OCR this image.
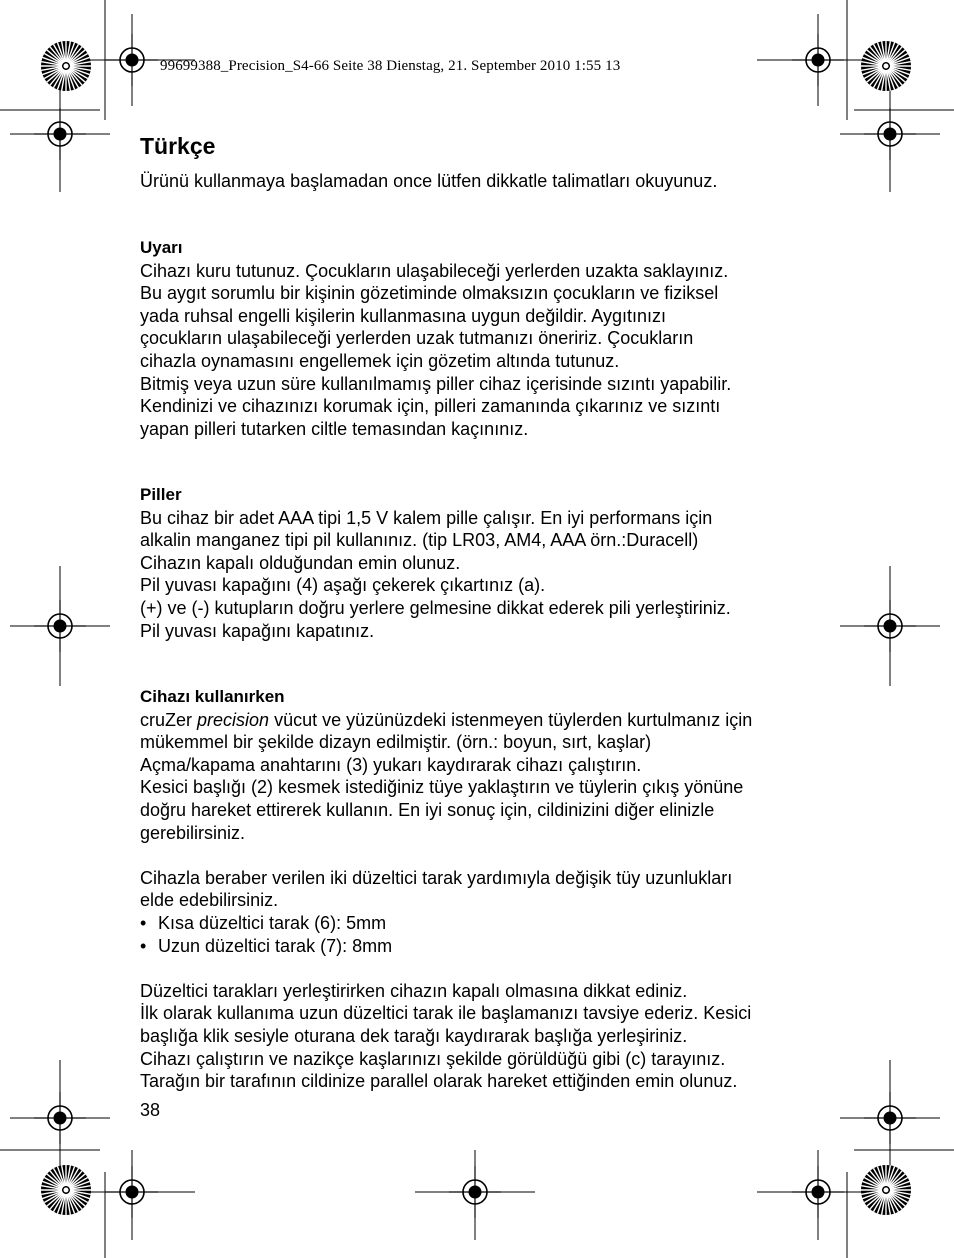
99699388_Precision_S4-66 Seite 38 Dienstag, 21. September 2010 1:55 13
Türkçe

Ürünü kullanmaya başlamadan once lütfen dikkatle talimatları okuyunuz.

Uyarı

Cihazı kuru tutunuz. Çocukların ulaşabileceği yerlerden uzakta saklayınız.

Bu aygıt sorumlu bir kişinin gözetiminde olmaksızın çocukların ve fiziksel

yada ruhsal engelli kişilerin kullanmasına uygun değildir. Aygıtınızı

çocukların ulaşabileceği yerlerden uzak tutmanızı öneririz. Çocukların

cihazla oynamasını engellemek için gözetim altında tutunuz.

Bitmiş veya uzun süre kullanılmamış piller cihaz içerisinde sızıntı yapabilir.

Kendinizi ve cihazınızı korumak için, pilleri zamanında çıkarınız ve sızıntı

yapan pilleri tutarken ciltle temasından kaçınınız.

Piller

Bu cihaz bir adet AAA tipi 1,5 V kalem pille çalışır. En iyi performans için

alkalin manganez tipi pil kullanınız. (tip LR03, AM4, AAA örn.:Duracell)

Cihazın kapalı olduğundan emin olunuz.

Pil yuvası kapağını (4) aşağı çekerek çıkartınız (a).

(+) ve (-) kutupların doğru yerlere gelmesine dikkat ederek pili yerleştiriniz.

Pil yuvası kapağını kapatınız.

Cihazı kullanırken

cruZer precision vücut ve yüzünüzdeki istenmeyen tüylerden kurtulmanız için

mükemmel bir şekilde dizayn edilmiştir. (örn.: boyun, sırt, kaşlar)

Açma/kapama anahtarını (3) yukarı kaydırarak cihazı çalıştırın.

Kesici başlığı (2) kesmek istediğiniz tüye yaklaştırın ve tüylerin çıkış yönüne

doğru hareket ettirerek kullanın. En iyi sonuç için, cildinizini diğer elinizle

gerebilirsiniz.

Cihazla beraber verilen iki düzeltici tarak yardımıyla değişik tüy uzunlukları

elde edebilirsiniz.

• Kısa düzeltici tarak (6): 5mm
• Uzun düzeltici tarak (7): 8mm

Düzeltici tarakları yerleştirirken cihazın kapalı olmasına dikkat ediniz.

İlk olarak kullanıma uzun düzeltici tarak ile başlamanızı tavsiye ederiz. Kesici

başlığa klik sesiyle oturana dek tarağı kaydırarak başlığa yerleşiriniz.

Cihazı çalıştırın ve nazikçe kaşlarınızı şekilde görüldüğü gibi (c) tarayınız.

Tarağın bir tarafının cildinize parallel olarak hareket ettiğinden emin olunuz.

38
